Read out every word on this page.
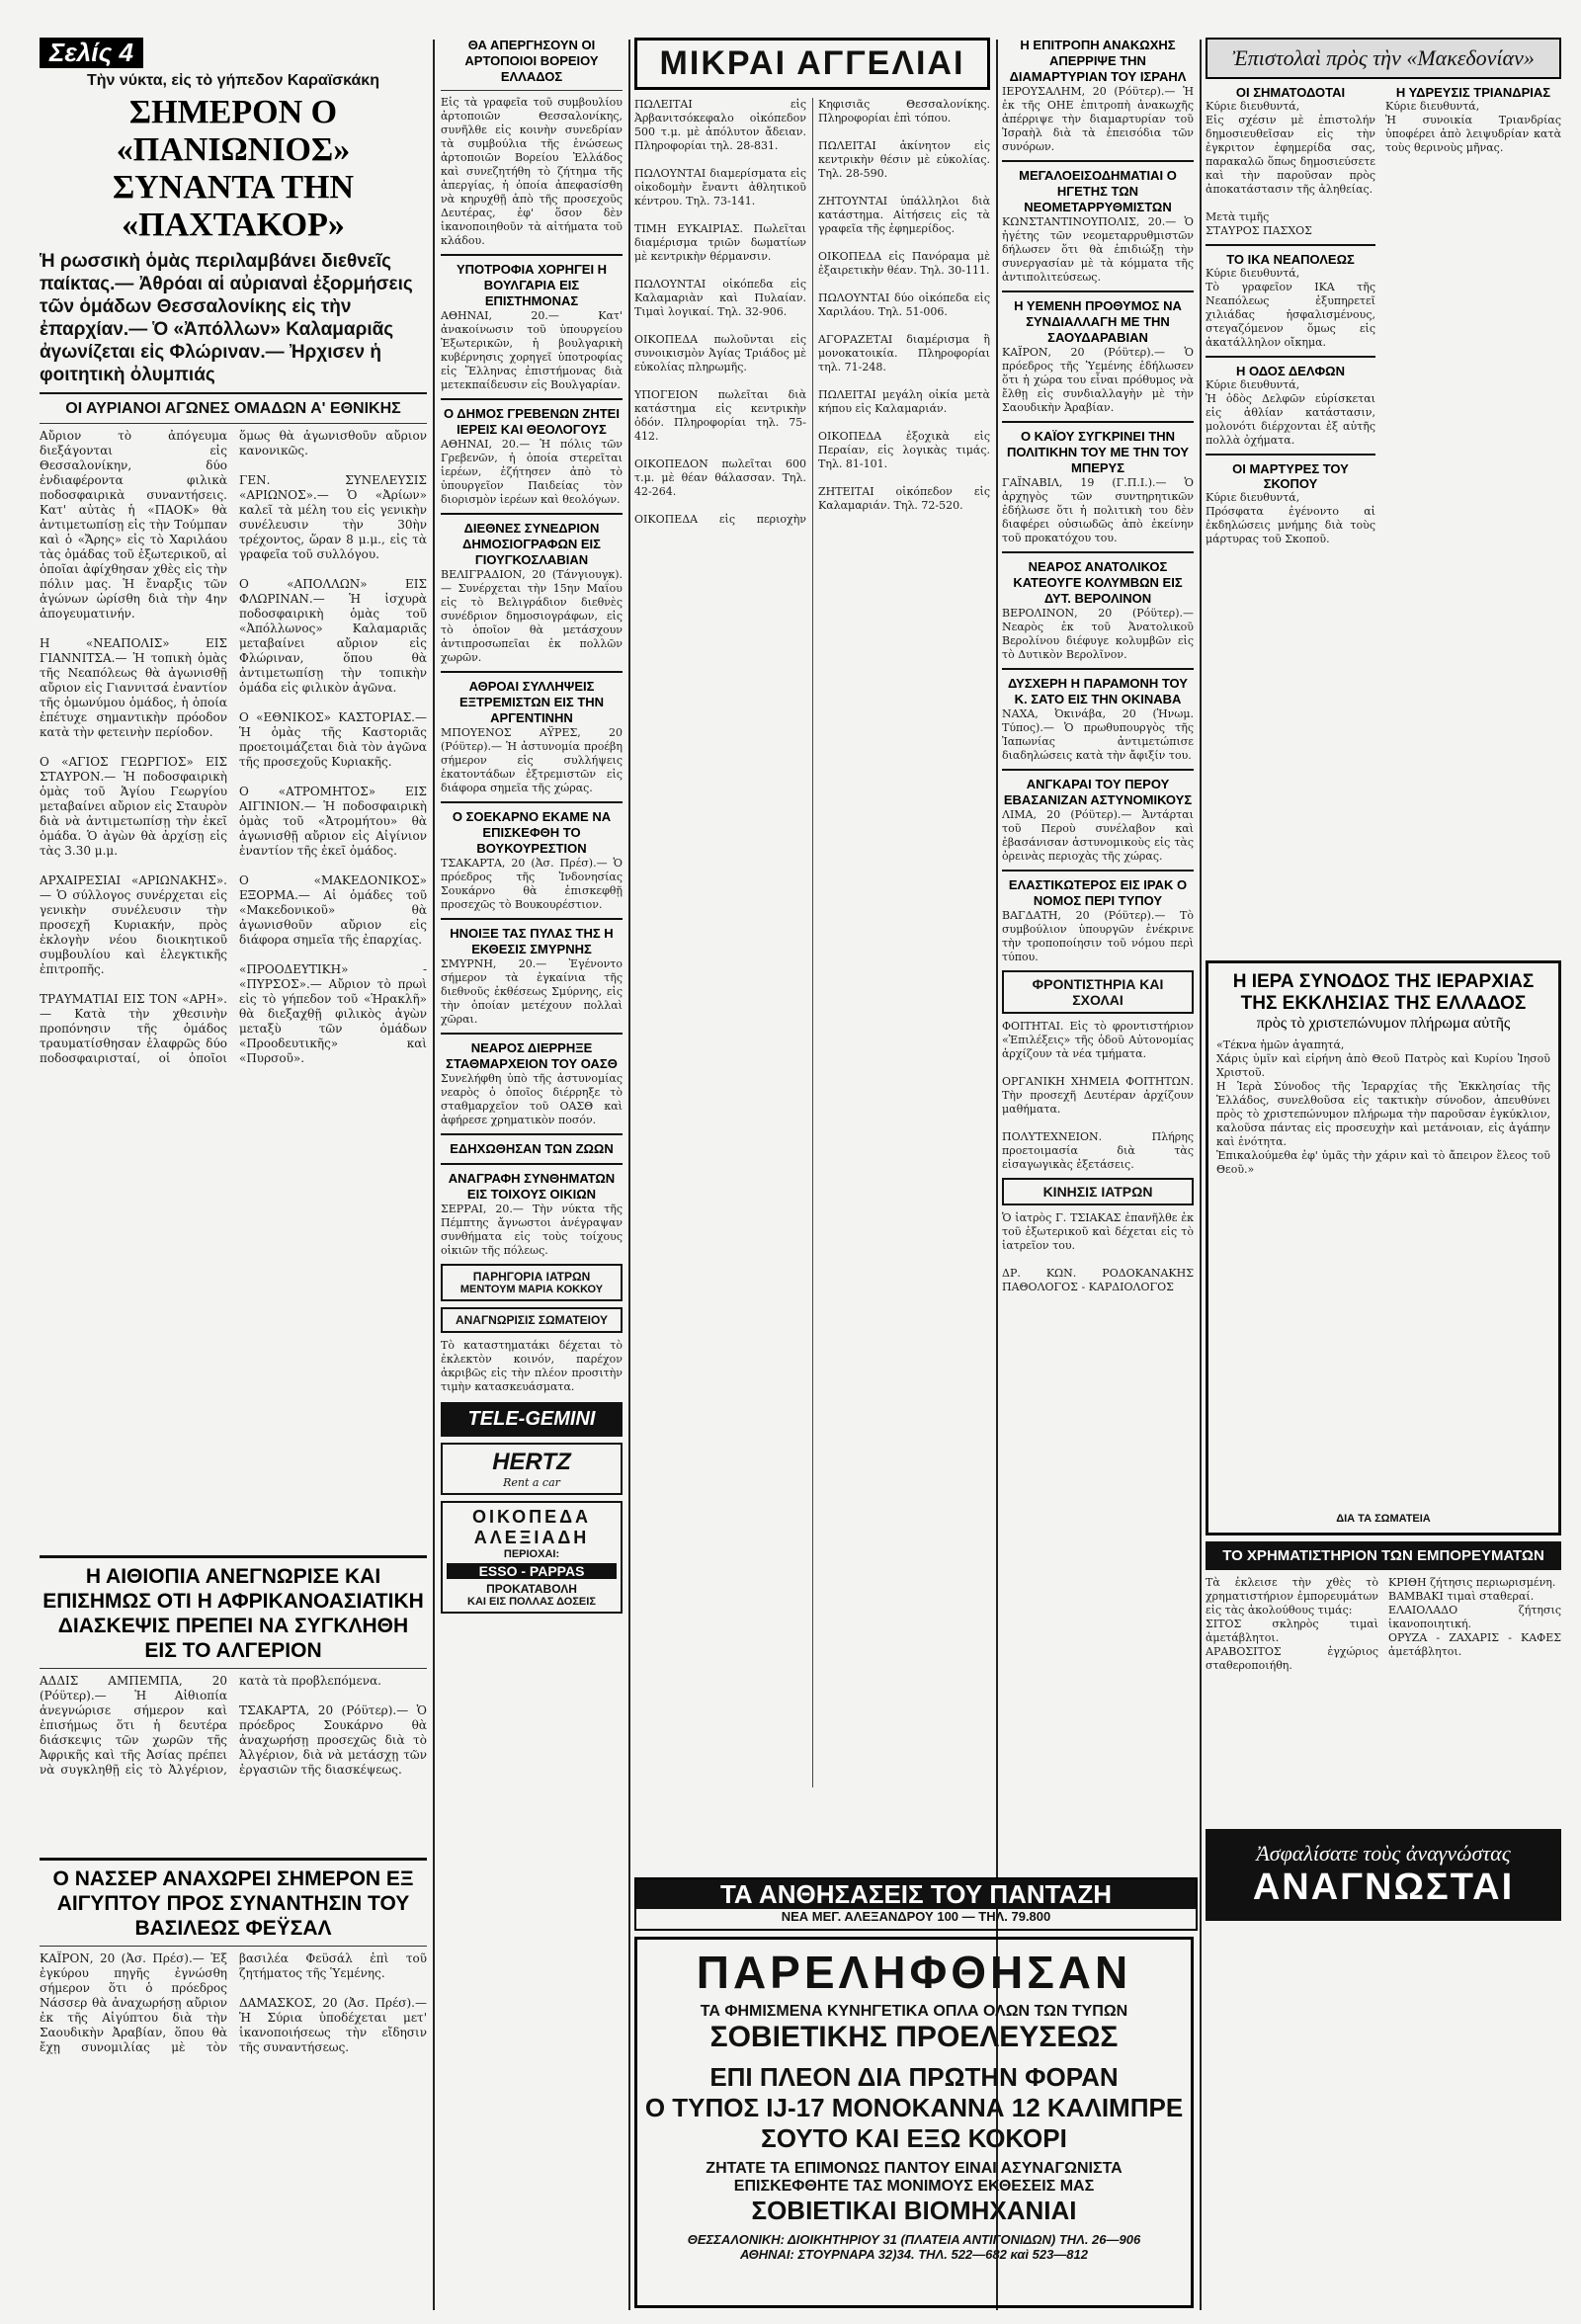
Σελίς 4
Τὴν νύκτα, εἰς τὸ γήπεδον Καραϊσκάκη
ΣΗΜΕΡΟΝ Ο «ΠΑΝΙΩΝΙΟΣ»
ΣΥΝΑΝΤΑ ΤΗΝ «ΠΑΧΤΑΚΟΡ»
Ἡ ρωσσικὴ ὁμὰς περιλαμβάνει διεθνεῖς παίκτας.— Ἀθρόαι αἱ αὐριαναὶ ἐξορμήσεις τῶν ὁμάδων Θεσσαλονίκης εἰς τὴν ἐπαρχίαν.— Ὁ «Ἀπόλλων» Καλαμαριᾶς ἀγωνίζεται εἰς Φλώριναν.— Ἠρχισεν ἡ φοιτητικὴ ὀλυμπιάς
ΟΙ ΑΥΡΙΑΝΟΙ ΑΓΩΝΕΣ ΟΜΑΔΩΝ Α' ΕΘΝΙΚΗΣ
Αὔριον τὸ ἀπόγευμα διεξάγονται εἰς Θεσσαλονίκην, δύο ἐνδιαφέροντα φιλικὰ ποδοσφαιρικὰ συναντήσεις. Κατ' αὐτὰς ἡ «ΠΑΟΚ» θὰ ἀντιμετωπίσῃ εἰς τὴν Τούμπαν καὶ ὁ «Ἄρης» εἰς τὸ Χαριλάου τὰς ὁμάδας τοῦ ἐξωτερικοῦ, αἱ ὁποῖαι ἀφίχθησαν χθὲς εἰς τὴν πόλιν μας. Ἡ ἔναρξις τῶν ἀγώνων ὡρίσθη διὰ τὴν 4ην ἀπογευματινήν.

Η «ΝΕΑΠΟΛΙΣ» ΕΙΣ ΓΙΑΝΝΙΤΣΑ.— Ἡ τοπικὴ ὁμὰς τῆς Νεαπόλεως θὰ ἀγωνισθῇ αὔριον εἰς Γιαννιτσά ἐναντίον τῆς ὁμωνύμου ὁμάδος, ἡ ὁποία ἐπέτυχε σημαντικὴν πρόοδον κατὰ τὴν φετεινὴν περίοδον.

Ο «ΑΓΙΟΣ ΓΕΩΡΓΙΟΣ» ΕΙΣ ΣΤΑΥΡΟΝ.— Ἡ ποδοσφαιρικὴ ὁμὰς τοῦ Ἁγίου Γεωργίου μεταβαίνει αὔριον εἰς Σταυρὸν διὰ νὰ ἀντιμετωπίσῃ τὴν ἐκεῖ ὁμάδα. Ὁ ἀγὼν θὰ ἀρχίσῃ εἰς τὰς 3.30 μ.μ.

ΑΡΧΑΙΡΕΣΙΑΙ «ΑΡΙΩΝΑΚΗΣ».— Ὁ σύλλογος συνέρχεται εἰς γενικὴν συνέλευσιν τὴν προσεχῆ Κυριακήν, πρὸς ἐκλογὴν νέου διοικητικοῦ συμβουλίου καὶ ἐλεγκτικῆς ἐπιτροπῆς.

ΤΡΑΥΜΑΤΙΑΙ ΕΙΣ ΤΟΝ «ΑΡΗ».— Κατὰ τὴν χθεσινὴν προπόνησιν τῆς ὁμάδος τραυματίσθησαν ἐλαφρῶς δύο ποδοσφαιρισταί, οἱ ὁποῖοι ὅμως θὰ ἀγωνισθοῦν αὔριον κανονικῶς.

ΓΕΝ. ΣΥΝΕΛΕΥΣΙΣ «ΑΡΙΩΝΟΣ».— Ὁ «Ἀρίων» καλεῖ τὰ μέλη του εἰς γενικὴν συνέλευσιν τὴν 30ὴν τρέχοντος, ὥραν 8 μ.μ., εἰς τὰ γραφεῖα τοῦ συλλόγου.

Ο «ΑΠΟΛΛΩΝ» ΕΙΣ ΦΛΩΡΙΝΑΝ.— Ἡ ἰσχυρὰ ποδοσφαιρικὴ ὁμὰς τοῦ «Ἀπόλλωνος» Καλαμαριᾶς μεταβαίνει αὔριον εἰς Φλώριναν, ὅπου θὰ ἀντιμετωπίσῃ τὴν τοπικὴν ὁμάδα εἰς φιλικὸν ἀγῶνα.

Ο «ΕΘΝΙΚΟΣ» ΚΑΣΤΟΡΙΑΣ.— Ἡ ὁμὰς τῆς Καστοριᾶς προετοιμάζεται διὰ τὸν ἀγῶνα τῆς προσεχοῦς Κυριακῆς.

Ο «ΑΤΡΟΜΗΤΟΣ» ΕΙΣ ΑΙΓΙΝΙΟΝ.— Ἡ ποδοσφαιρικὴ ὁμὰς τοῦ «Ἀτρομήτου» θὰ ἀγωνισθῇ αὔριον εἰς Αἰγίνιον ἐναντίον τῆς ἐκεῖ ὁμάδος.

Ο «ΜΑΚΕΔΟΝΙΚΟΣ» ΕΞΟΡΜΑ.— Αἱ ὁμάδες τοῦ «Μακεδονικοῦ» θὰ ἀγωνισθοῦν αὔριον εἰς διάφορα σημεῖα τῆς ἐπαρχίας.

«ΠΡΟΟΔΕΥΤΙΚΗ» - «ΠΥΡΣΟΣ».— Αὔριον τὸ πρωὶ εἰς τὸ γήπεδον τοῦ «Ἡρακλῆ» θὰ διεξαχθῇ φιλικὸς ἀγὼν μεταξὺ τῶν ὁμάδων «Προοδευτικῆς» καὶ «Πυρσοῦ».
Η ΑΙΘΙΟΠΙΑ ΑΝΕΓΝΩΡΙΣΕ ΚΑΙ ΕΠΙΣΗΜΩΣ ΟΤΙ Η ΑΦΡΙΚΑΝΟΑΣΙΑΤΙΚΗ ΔΙΑΣΚΕΨΙΣ ΠΡΕΠΕΙ ΝΑ ΣΥΓΚΛΗΘΗ ΕΙΣ ΤΟ ΑΛΓΕΡΙΟΝ
ΑΔΔΙΣ ΑΜΠΕΜΠΑ, 20 (Ρόϋτερ).— Ἡ Αἰθιοπία ἀνεγνώρισε σήμερον καὶ ἐπισήμως ὅτι ἡ δευτέρα διάσκεψις τῶν χωρῶν τῆς Ἀφρικῆς καὶ τῆς Ἀσίας πρέπει νὰ συγκληθῇ εἰς τὸ Ἀλγέριον, κατὰ τὰ προβλεπόμενα.

ΤΣΑΚΑΡΤΑ, 20 (Ρόϋτερ).— Ὁ πρόεδρος Σουκάρνο θὰ ἀναχωρήσῃ προσεχῶς διὰ τὸ Ἀλγέριον, διὰ νὰ μετάσχῃ τῶν ἐργασιῶν τῆς διασκέψεως.
Ο ΝΑΣΣΕΡ ΑΝΑΧΩΡΕΙ ΣΗΜΕΡΟΝ ΕΞ ΑΙΓΥΠΤΟΥ ΠΡΟΣ ΣΥΝΑΝΤΗΣΙΝ ΤΟΥ ΒΑΣΙΛΕΩΣ ΦΕΫΣΑΛ
ΚΑΪΡΟΝ, 20 (Ἀσ. Πρέσ).— Ἐξ ἐγκύρου πηγῆς ἐγνώσθη σήμερον ὅτι ὁ πρόεδρος Νάσσερ θὰ ἀναχωρήσῃ αὔριον ἐκ τῆς Αἰγύπτου διὰ τὴν Σαουδικὴν Ἀραβίαν, ὅπου θὰ ἔχῃ συνομιλίας μὲ τὸν βασιλέα Φεϋσάλ ἐπὶ τοῦ ζητήματος τῆς Ὑεμένης.

ΔΑΜΑΣΚΟΣ, 20 (Ἀσ. Πρέσ).— Ἡ Σύρια ὑποδέχεται μετ' ἱκανοποιήσεως τὴν εἴδησιν τῆς συναντήσεως.
ΘΑ ΑΠΕΡΓΗΣΟΥΝ ΟΙ ΑΡΤΟΠΟΙΟΙ ΒΟΡΕΙΟΥ ΕΛΛΑΔΟΣ
Εἰς τὰ γραφεῖα τοῦ συμβουλίου ἀρτοποιῶν Θεσσαλονίκης, συνῆλθε εἰς κοινὴν συνεδρίαν τὰ συμβούλια τῆς ἑνώσεως ἀρτοποιῶν Βορείου Ἑλλάδος καὶ συνεζητήθη τὸ ζήτημα τῆς ἀπεργίας, ἡ ὁποία ἀπεφασίσθη νὰ κηρυχθῇ ἀπὸ τῆς προσεχοῦς Δευτέρας, ἐφ' ὅσον δὲν ἱκανοποιηθοῦν τὰ αἰτήματα τοῦ κλάδου.
ΥΠΟΤΡΟΦΙΑ ΧΟΡΗΓΕΙ Η ΒΟΥΛΓΑΡΙΑ ΕΙΣ ΕΠΙΣΤΗΜΟΝΑΣ
ΑΘΗΝΑΙ, 20.— Κατ' ἀνακοίνωσιν τοῦ ὑπουργείου Ἐξωτερικῶν, ἡ βουλγαρικὴ κυβέρνησις χορηγεῖ ὑποτροφίας εἰς Ἕλληνας ἐπιστήμονας διὰ μετεκπαίδευσιν εἰς Βουλγαρίαν.
Ο ΔΗΜΟΣ ΓΡΕΒΕΝΩΝ ΖΗΤΕΙ ΙΕΡΕΙΣ ΚΑΙ ΘΕΟΛΟΓΟΥΣ
ΑΘΗΝΑΙ, 20.— Ἡ πόλις τῶν Γρεβενῶν, ἡ ὁποία στερεῖται ἱερέων, ἐζήτησεν ἀπὸ τὸ ὑπουργεῖον Παιδείας τὸν διορισμὸν ἱερέων καὶ θεολόγων.
ΔΙΕΘΝΕΣ ΣΥΝΕΔΡΙΟΝ ΔΗΜΟΣΙΟΓΡΑΦΩΝ ΕΙΣ ΓΙΟΥΓΚΟΣΛΑΒΙΑΝ
ΒΕΛΙΓΡΑΔΙΟΝ, 20 (Τάνγιουγκ).— Συνέρχεται τὴν 15ην Μαΐου εἰς τὸ Βελιγράδιον διεθνὲς συνέδριον δημοσιογράφων, εἰς τὸ ὁποῖον θὰ μετάσχουν ἀντιπροσωπεῖαι ἐκ πολλῶν χωρῶν.
ΑΘΡΟΑΙ ΣΥΛΛΗΨΕΙΣ ΕΞΤΡΕΜΙΣΤΩΝ ΕΙΣ ΤΗΝ ΑΡΓΕΝΤΙΝΗΝ
ΜΠΟΥΕΝΟΣ ΑΫΡΕΣ, 20 (Ρόϋτερ).— Ἡ ἀστυνομία προέβη σήμερον εἰς συλλήψεις ἑκατοντάδων ἐξτρεμιστῶν εἰς διάφορα σημεῖα τῆς χώρας.
Ο ΣΟΕΚΑΡΝΟ ΕΚΑΜΕ ΝΑ ΕΠΙΣΚΕΦΘΗ ΤΟ ΒΟΥΚΟΥΡΕΣΤΙΟΝ
ΤΣΑΚΑΡΤΑ, 20 (Ἀσ. Πρέσ).— Ὁ πρόεδρος τῆς Ἰνδονησίας Σουκάρνο θὰ ἐπισκεφθῇ προσεχῶς τὸ Βουκουρέστιον.
ΗΝΟΙΞΕ ΤΑΣ ΠΥΛΑΣ ΤΗΣ Η ΕΚΘΕΣΙΣ ΣΜΥΡΝΗΣ
ΣΜΥΡΝΗ, 20.— Ἐγένοντο σήμερον τὰ ἐγκαίνια τῆς διεθνοῦς ἐκθέσεως Σμύρνης, εἰς τὴν ὁποίαν μετέχουν πολλαὶ χῶραι.
ΝΕΑΡΟΣ ΔΙΕΡΡΗΞΕ ΣΤΑΘΜΑΡΧΕΙΟΝ ΤΟΥ ΟΑΣΘ
Συνελήφθη ὑπὸ τῆς ἀστυνομίας νεαρὸς ὁ ὁποῖος διέρρηξε τὸ σταθμαρχεῖον τοῦ ΟΑΣΘ καὶ ἀφήρεσε χρηματικὸν ποσόν.
ΕΔΗΧΩΘΗΣΑΝ ΤΩΝ ΖΩΩΝ
ΑΝΑΓΡΑΦΗ ΣΥΝΘΗΜΑΤΩΝ ΕΙΣ ΤΟΙΧΟΥΣ ΟΙΚΙΩΝ
ΣΕΡΡΑΙ, 20.— Τὴν νύκτα τῆς Πέμπτης ἄγνωστοι ἀνέγραψαν συνθήματα εἰς τοὺς τοίχους οἰκιῶν τῆς πόλεως.
ΠΑΡΗΓΟΡΙΑ ΙΑΤΡΩΝ
ΜΕΝΤΟΥΜ ΜΑΡΙΑ ΚΟΚΚΟΥ
ΑΝΑΓΝΩΡΙΣΙΣ ΣΩΜΑΤΕΙΟΥ
Τὸ καταστηματάκι δέχεται τὸ ἐκλεκτὸν κοινόν, παρέχον ἀκριβῶς εἰς τὴν πλέον προσιτὴν τιμὴν κατασκευάσματα.
TELE-GEMINI
HERTZ
Rent a car
ΟΙΚΟΠΕΔΑ
ΑΛΕΞΙΑΔΗ
ΠΕΡΙΟΧΑΙ:
ESSO - PAPPAS
ΠΡΟΚΑΤΑΒΟΛΗ
ΚΑΙ ΕΙΣ ΠΟΛΛΑΣ ΔΟΣΕΙΣ
ΜΙΚΡΑΙ ΑΓΓΕΛΙΑΙ
ΠΩΛΕΙΤΑΙ εἰς Ἀρβανιτσόκεφαλο οἰκόπεδον 500 τ.μ. μὲ ἀπόλυτον ἄδειαν. Πληροφορίαι τηλ. 28-831.

ΠΩΛΟΥΝΤΑΙ διαμερίσματα εἰς οἰκοδομὴν ἔναντι ἀθλητικοῦ κέντρου. Τηλ. 73-141.

ΤΙΜΗ ΕΥΚΑΙΡΙΑΣ. Πωλεῖται διαμέρισμα τριῶν δωματίων μὲ κεντρικὴν θέρμανσιν.

ΠΩΛΟΥΝΤΑΙ οἰκόπεδα εἰς Καλαμαριὰν καὶ Πυλαίαν. Τιμαὶ λογικαί. Τηλ. 32-906.

ΟΙΚΟΠΕΔΑ πωλοῦνται εἰς συνοικισμὸν Ἀγίας Τριάδος μὲ εὐκολίας πληρωμῆς.

ΥΠΟΓΕΙΟΝ πωλεῖται διὰ κατάστημα εἰς κεντρικὴν ὁδόν. Πληροφορίαι τηλ. 75-412.

ΟΙΚΟΠΕΔΟΝ πωλεῖται 600 τ.μ. μὲ θέαν θάλασσαν. Τηλ. 42-264.

ΟΙΚΟΠΕΔΑ εἰς περιοχὴν Κηφισιᾶς Θεσσαλονίκης. Πληροφορίαι ἐπὶ τόπου.

ΠΩΛΕΙΤΑΙ ἀκίνητον εἰς κεντρικὴν θέσιν μὲ εὐκολίας. Τηλ. 28-590.

ΖΗΤΟΥΝΤΑΙ ὑπάλληλοι διὰ κατάστημα. Αἰτήσεις εἰς τὰ γραφεῖα τῆς ἐφημερίδος.

ΟΙΚΟΠΕΔΑ εἰς Πανόραμα μὲ ἐξαιρετικὴν θέαν. Τηλ. 30-111.

ΠΩΛΟΥΝΤΑΙ δύο οἰκόπεδα εἰς Χαριλάου. Τηλ. 51-006.

ΑΓΟΡΑΖΕΤΑΙ διαμέρισμα ἢ μονοκατοικία. Πληροφορίαι τηλ. 71-248.

ΠΩΛΕΙΤΑΙ μεγάλη οἰκία μετὰ κήπου εἰς Καλαμαριάν.

ΟΙΚΟΠΕΔΑ ἐξοχικὰ εἰς Περαίαν, εἰς λογικὰς τιμάς. Τηλ. 81-101.

ΖΗΤΕΙΤΑΙ οἰκόπεδον εἰς Καλαμαριάν. Τηλ. 72-520.
Η ΕΠΙΤΡΟΠΗ ΑΝΑΚΩΧΗΣ ΑΠΕΡΡΙΨΕ ΤΗΝ ΔΙΑΜΑΡΤΥΡΙΑΝ ΤΟΥ ΙΣΡΑΗΛ
ΙΕΡΟΥΣΑΛΗΜ, 20 (Ρόϋτερ).— Ἡ ἐκ τῆς ΟΗΕ ἐπιτροπὴ ἀνακωχῆς ἀπέρριψε τὴν διαμαρτυρίαν τοῦ Ἰσραὴλ διὰ τὰ ἐπεισόδια τῶν συνόρων.
ΜΕΓΑΛΟΕΙΣΟΔΗΜΑΤΙΑΙ Ο ΗΓΕΤΗΣ ΤΩΝ ΝΕΟΜΕΤΑΡΡΥΘΜΙΣΤΩΝ
ΚΩΝΣΤΑΝΤΙΝΟΥΠΟΛΙΣ, 20.— Ὁ ἡγέτης τῶν νεομεταρρυθμιστῶν δήλωσεν ὅτι θὰ ἐπιδιώξῃ τὴν συνεργασίαν μὲ τὰ κόμματα τῆς ἀντιπολιτεύσεως.
Η ΥΕΜΕΝΗ ΠΡΟΘΥΜΟΣ ΝΑ ΣΥΝΔΙΑΛΛΑΓΗ ΜΕ ΤΗΝ ΣΑΟΥΔΑΡΑΒΙΑΝ
ΚΑΪΡΟΝ, 20 (Ρόϋτερ).— Ὁ πρόεδρος τῆς Ὑεμένης ἐδήλωσεν ὅτι ἡ χώρα του εἶναι πρόθυμος νὰ ἔλθῃ εἰς συνδιαλλαγὴν μὲ τὴν Σαουδικὴν Ἀραβίαν.
Ο ΚΑΪΟΥ ΣΥΓΚΡΙΝΕΙ ΤΗΝ ΠΟΛΙΤΙΚΗΝ ΤΟΥ ΜΕ ΤΗΝ ΤΟΥ ΜΠΕΡΥΣ
ΓΑΪΝΑΒΙΛ, 19 (Γ.Π.Ι.).— Ὁ ἀρχηγὸς τῶν συντηρητικῶν ἐδήλωσε ὅτι ἡ πολιτικὴ του δὲν διαφέρει οὐσιωδῶς ἀπὸ ἐκείνην τοῦ προκατόχου του.
ΝΕΑΡΟΣ ΑΝΑΤΟΛΙΚΟΣ ΚΑΤΕΟΥΓΕ ΚΟΛΥΜΒΩΝ ΕΙΣ ΔΥΤ. ΒΕΡΟΛΙΝΟΝ
ΒΕΡΟΛΙΝΟΝ, 20 (Ρόϋτερ).— Νεαρὸς ἐκ τοῦ Ἀνατολικοῦ Βερολίνου διέφυγε κολυμβῶν εἰς τὸ Δυτικὸν Βερολῖνον.
ΔΥΣΧΕΡΗ Η ΠΑΡΑΜΟΝΗ ΤΟΥ Κ. ΣΑΤΟ ΕΙΣ ΤΗΝ ΟΚΙΝΑΒΑ
ΝΑΧΑ, Ὀκινάβα, 20 (Ἡνωμ. Τύπος).— Ὁ πρωθυπουργὸς τῆς Ἰαπωνίας ἀντιμετώπισε διαδηλώσεις κατὰ τὴν ἄφιξίν του.
ΑΝΓΚΑΡΑΙ ΤΟΥ ΠΕΡΟΥ ΕΒΑΣΑΝΙΖΑΝ ΑΣΤΥΝΟΜΙΚΟΥΣ
ΛΙΜΑ, 20 (Ρόϋτερ).— Ἀντάρται τοῦ Περοὺ συνέλαβον καὶ ἐβασάνισαν ἀστυνομικοὺς εἰς τὰς ὀρεινὰς περιοχὰς τῆς χώρας.
ΕΛΑΣΤΙΚΩΤΕΡΟΣ ΕΙΣ ΙΡΑΚ Ο ΝΟΜΟΣ ΠΕΡΙ ΤΥΠΟΥ
ΒΑΓΔΑΤΗ, 20 (Ρόϋτερ).— Τὸ συμβούλιον ὑπουργῶν ἐνέκρινε τὴν τροποποίησιν τοῦ νόμου περὶ τύπου.
ΦΡΟΝΤΙΣΤΗΡΙΑ ΚΑΙ ΣΧΟΛΑΙ
ΦΟΙΤΗΤΑΙ. Εἰς τὸ φροντιστήριον «Ἐπιλέξεις» τῆς ὁδοῦ Αὐτονομίας ἀρχίζουν τὰ νέα τμήματα.

ΟΡΓΑΝΙΚΗ ΧΗΜΕΙΑ ΦΟΙΤΗΤΩΝ. Τὴν προσεχῆ Δευτέραν ἀρχίζουν μαθήματα.

ΠΟΛΥΤΕΧΝΕΙΟΝ. Πλήρης προετοιμασία διὰ τὰς εἰσαγωγικὰς ἐξετάσεις.
ΚΙΝΗΣΙΣ ΙΑΤΡΩΝ
Ὁ ἰατρὸς Γ. ΤΣΙΑΚΑΣ ἐπανῆλθε ἐκ τοῦ ἐξωτερικοῦ καὶ δέχεται εἰς τὸ ἰατρεῖον του.

ΔΡ. ΚΩΝ. ΡΟΔΟΚΑΝΑΚΗΣ ΠΑΘΟΛΟΓΟΣ - ΚΑΡΔΙΟΛΟΓΟΣ
Ἐπιστολαὶ πρὸς τὴν «Μακεδονίαν»
ΟΙ ΣΗΜΑΤΟΔΟΤΑΙ
Κύριε διευθυντά,
Εἰς σχέσιν μὲ ἐπιστολήν δημοσιευθεῖσαν εἰς τὴν ἐγκριτον ἐφημερίδα σας, παρακαλῶ ὅπως δημοσιεύσετε καὶ τὴν παροῦσαν πρὸς ἀποκατάστασιν τῆς ἀληθείας.

Μετὰ τιμῆς
ΣΤΑΥΡΟΣ ΠΑΣΧΟΣ
ΤΟ ΙΚΑ ΝΕΑΠΟΛΕΩΣ
Κύριε διευθυντά,
Τὸ γραφεῖον ΙΚΑ τῆς Νεαπόλεως ἐξυπηρετεῖ χιλιάδας ἠσφαλισμένους, στεγαζόμενον ὅμως εἰς ἀκατάλληλον οἴκημα.
Η ΟΔΟΣ ΔΕΛΦΩΝ
Κύριε διευθυντά,
Ἡ ὁδὸς Δελφῶν εὑρίσκεται εἰς ἀθλίαν κατάστασιν, μολονότι διέρχονται ἐξ αὐτῆς πολλὰ ὀχήματα.
ΟΙ ΜΑΡΤΥΡΕΣ ΤΟΥ ΣΚΟΠΟΥ
Κύριε διευθυντά,
Πρόσφατα ἐγένοντο αἱ ἐκδηλώσεις μνήμης διὰ τοὺς μάρτυρας τοῦ Σκοποῦ.
Η ΥΔΡΕΥΣΙΣ ΤΡΙΑΝΔΡΙΑΣ
Κύριε διευθυντά,
Ἡ συνοικία Τριανδρίας ὑποφέρει ἀπὸ λειψυδρίαν κατὰ τοὺς θερινοὺς μῆνας.
Η ΙΕΡΑ ΣΥΝΟΔΟΣ ΤΗΣ ΙΕΡΑΡΧΙΑΣ
ΤΗΣ ΕΚΚΛΗΣΙΑΣ ΤΗΣ ΕΛΛΑΔΟΣ
πρὸς τὸ χριστεπώνυμον πλήρωμα αὐτῆς
«Τέκνα ἡμῶν ἀγαπητά,
Χάρις ὑμῖν καὶ εἰρήνη ἀπὸ Θεοῦ Πατρὸς καὶ Κυρίου Ἰησοῦ Χριστοῦ.
Η Ἱερὰ Σύνοδος τῆς Ἱεραρχίας τῆς Ἐκκλησίας τῆς Ἑλλάδος, συνελθοῦσα εἰς τακτικὴν σύνοδον, ἀπευθύνει πρὸς τὸ χριστεπώνυμον πλήρωμα τὴν παροῦσαν ἐγκύκλιον, καλοῦσα πάντας εἰς προσευχὴν καὶ μετάνοιαν, εἰς ἀγάπην καὶ ἑνότητα.
Ἐπικαλούμεθα ἐφ' ὑμᾶς τὴν χάριν καὶ τὸ ἄπειρον ἔλεος τοῦ Θεοῦ.»
ΔΙΑ ΤΑ ΣΩΜΑΤΕΙΑ
ΤΟ ΧΡΗΜΑΤΙΣΤΗΡΙΟΝ ΤΩΝ ΕΜΠΟΡΕΥΜΑΤΩΝ
Τὰ ἐκλεισε τὴν χθὲς τὸ χρηματιστήριον ἐμπορευμάτων εἰς τὰς ἀκολούθους τιμάς:
ΣΙΤΟΣ σκληρὸς τιμαὶ ἀμετάβλητοι.
ΑΡΑΒΟΣΙΤΟΣ ἐγχώριος σταθεροποιήθη.
ΚΡΙΘΗ ζήτησις περιωρισμένη.
ΒΑΜΒΑΚΙ τιμαὶ σταθεραί.
ΕΛΑΙΟΛΑΔΟ ζήτησις ἱκανοποιητική.
ΟΡΥΖΑ - ΖΑΧΑΡΙΣ - ΚΑΦΕΣ ἀμετάβλητοι.
Ἀσφαλίσατε τοὺς ἀναγνώστας
ΑΝΑΓΝΩΣΤΑΙ
ΤΑ ΑΝΘΗΣΑΣΕΙΣ ΤΟΥ ΠΑΝΤΑΖΗ
ΝΕΑ ΜΕΓ. ΑΛΕΞΑΝΔΡΟΥ 100 — ΤΗΛ. 79.800
ΠΑΡΕΛΗΦΘΗΣΑΝ
ΤΑ ΦΗΜΙΣΜΕΝΑ ΚΥΝΗΓΕΤΙΚΑ ΟΠΛΑ ΟΛΩΝ ΤΩΝ ΤΥΠΩΝ
ΣΟΒΙΕΤΙΚΗΣ ΠΡΟΕΛΕΥΣΕΩΣ
ΕΠΙ ΠΛΕΟΝ ΔΙΑ ΠΡΩΤΗΝ ΦΟΡΑΝ
Ο ΤΥΠΟΣ IJ-17 ΜΟΝΟΚΑΝΝΑ 12 ΚΑΛΙΜΠΡΕ
ΣΟΥΤΟ ΚΑΙ ΕΞΩ ΚΟΚΟΡΙ
ΖΗΤΑΤΕ ΤΑ ΕΠΙΜΟΝΩΣ ΠΑΝΤΟΥ ΕΙΝΑΙ ΑΣΥΝΑΓΩΝΙΣΤΑ
ΕΠΙΣΚΕΦΘΗΤΕ ΤΑΣ ΜΟΝΙΜΟΥΣ ΕΚΘΕΣΕΙΣ ΜΑΣ
ΣΟΒΙΕΤΙΚΑΙ ΒΙΟΜΗΧΑΝΙΑΙ
ΘΕΣΣΑΛΟΝΙΚΗ: ΔΙΟΙΚΗΤΗΡΙΟΥ 31 (ΠΛΑΤΕΙΑ ΑΝΤΙΓΟΝΙΔΩΝ) ΤΗΛ. 26—906
ΑΘΗΝΑΙ: ΣΤΟΥΡΝΑΡΑ 32)34. ΤΗΛ. 522—682 καὶ 523—812
